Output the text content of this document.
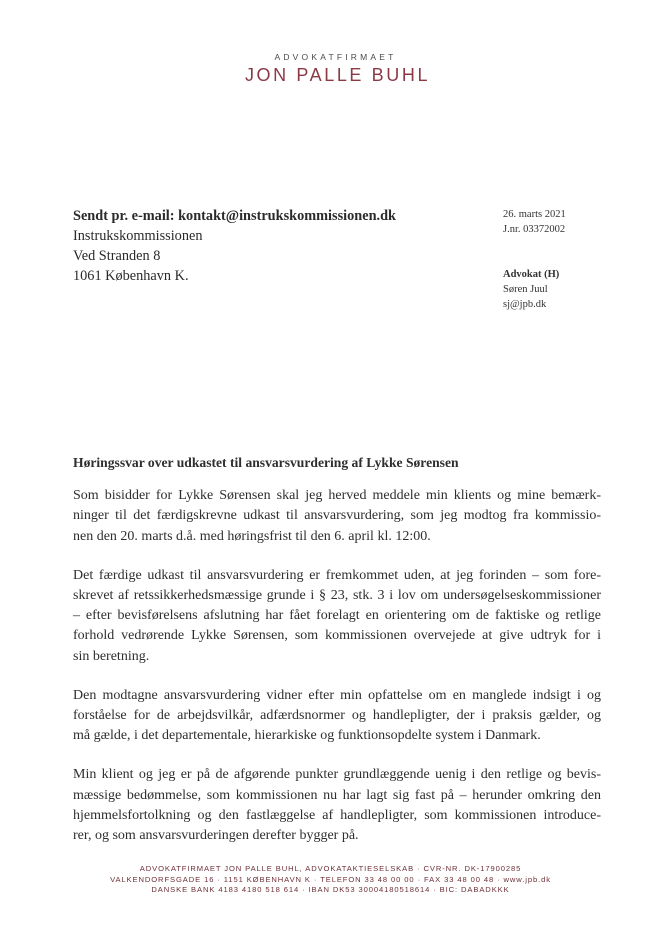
ADVOKATFIRMAET
JON PALLE BUHL
Sendt pr. e-mail: kontakt@instrukskommissionen.dk
Instrukskommissionen
Ved Stranden 8
1061 København K.
26. marts 2021
J.nr. 03372002
Advokat (H)
Søren Juul
sj@jpb.dk
Høringssvar over udkastet til ansvarsvurdering af Lykke Sørensen
Som bisidder for Lykke Sørensen skal jeg herved meddele min klients og mine bemærk-
ninger til det færdigskrevne udkast til ansvarsvurdering, som jeg modtog fra kommissio-
nen den 20. marts d.å. med høringsfrist til den 6. april kl. 12:00.
Det færdige udkast til ansvarsvurdering er fremkommet uden, at jeg forinden – som fore-
skrevet af retssikkerhedsmæssige grunde i § 23, stk. 3 i lov om undersøgelseskommissioner
– efter bevisførelsens afslutning har fået forelagt en orientering om de faktiske og retlige
forhold vedrørende Lykke Sørensen, som kommissionen overvejede at give udtryk for i
sin beretning.
Den modtagne ansvarsvurdering vidner efter min opfattelse om en manglede indsigt i og
forståelse for de arbejdsvilkår, adfærdsnormer og handlepligter, der i praksis gælder, og
må gælde, i det departementale, hierarkiske og funktionsopdelte system i Danmark.
Min klient og jeg er på de afgørende punkter grundlæggende uenig i den retlige og bevis-
mæssige bedømmelse, som kommissionen nu har lagt sig fast på – herunder omkring den
hjemmelsfortolkning og den fastlæggelse af handlepligter, som kommissionen introduce-
rer, og som ansvarsvurderingen derefter bygger på.
ADVOKATFIRMAET JON PALLE BUHL, ADVOKATAKTIESELSKAB · CVR-NR. DK-17900285
VALKENDORFSGADE 16 · 1151 KØBENHAVN K · TELEFON 33 48 00 00 · FAX 33 48 00 48 · www.jpb.dk
DANSKE BANK 4183 4180 518 614 · IBAN DK53 30004180518614 · BIC: DABADKKK
